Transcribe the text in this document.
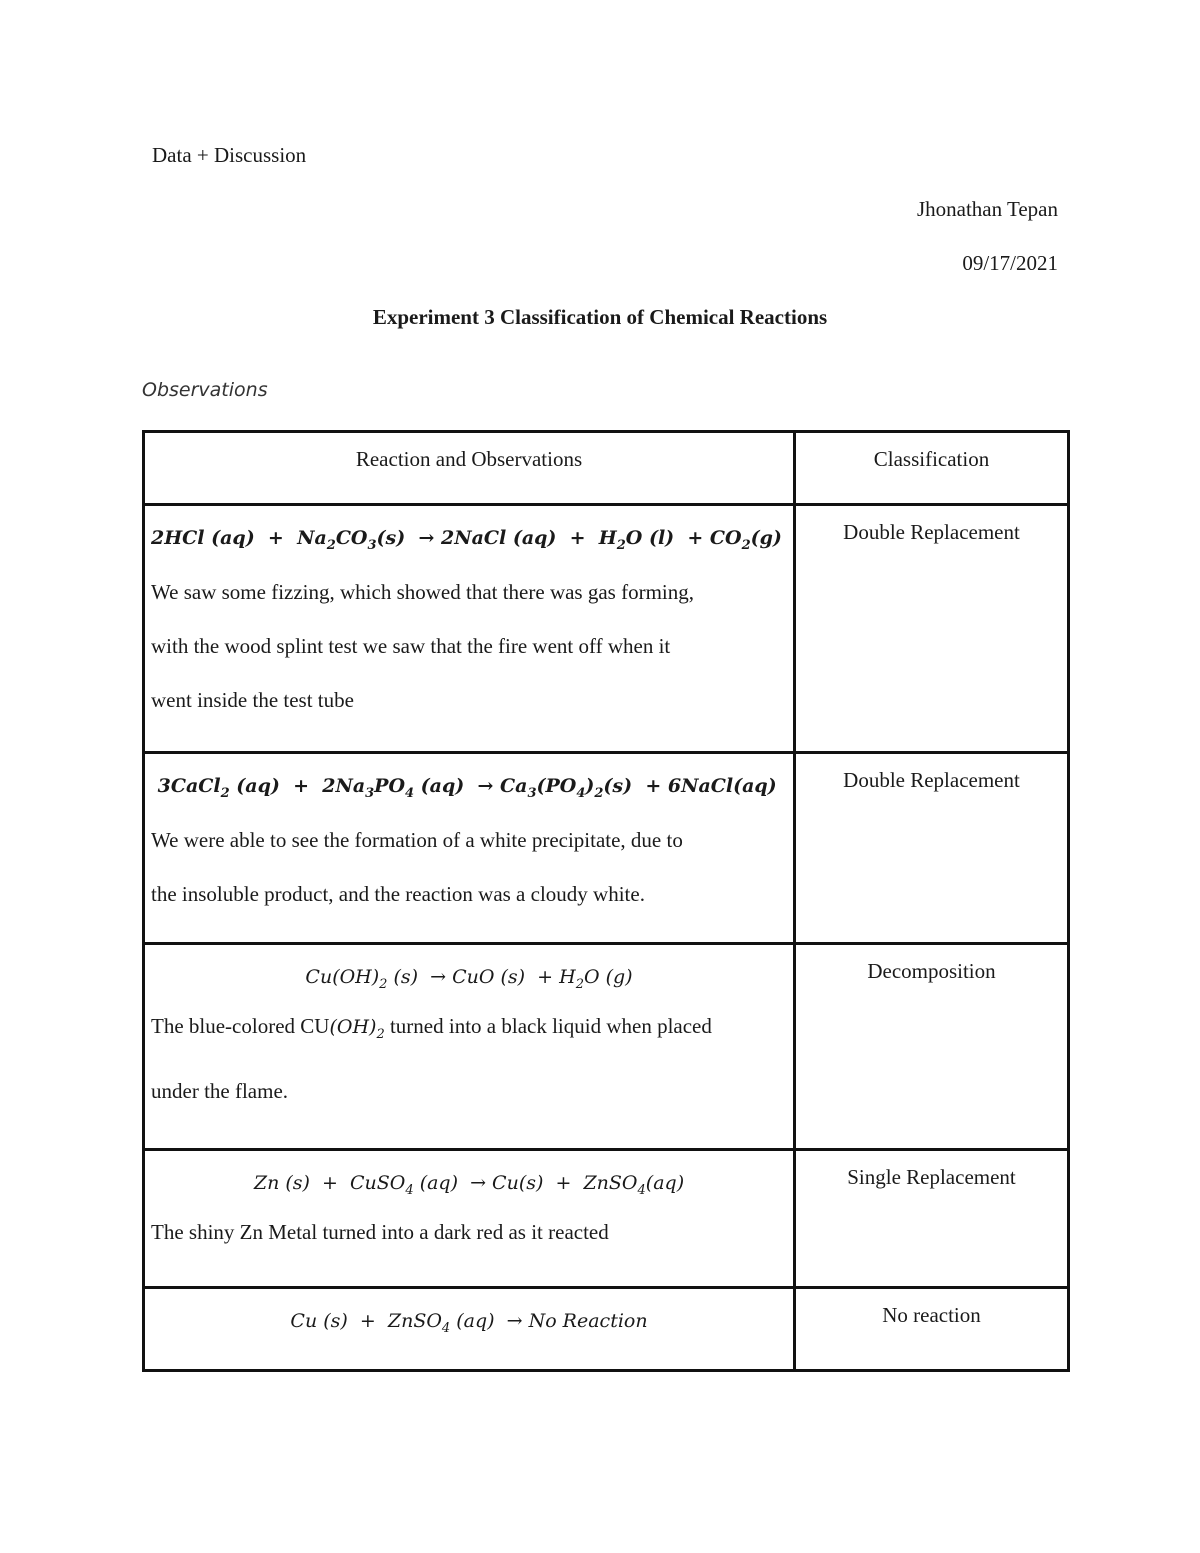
Data + Discussion
Jhonathan Tepan
09/17/2021
Experiment 3 Classification of Chemical Reactions
Observations
Reaction and Observations	Classification

2HCl $(aq) + Na_2CO_3(s)$  → 2NaCl $(aq) + H_2O$ $(l) + CO_2(g)$
We saw some fizzing, which showed that there was gas forming,
with the wood splint test we saw that the fire went off when it
went inside the test tube	Double Replacement

3CaCl$_2$ $(aq) + 2Na_3PO_4$ $(aq) \to Ca_3(PO_4)_2(s)$  + 6NaCl(aq)
We were able to see the formation of a white precipitate, due to
the insoluble product, and the reaction was a cloudy white.	Double Replacement

$Cu(OH)_2$ (s)  → CuO $(s) + H_2O$ (g)
The blue-colored $CU(OH)_2$ turned into a black liquid when placed
under the flame.	Decomposition

Zn (s)  +  CuSO$_4$ (aq)  → Cu(s)  +  ZnSO$_4$(aq)
The shiny Zn Metal turned into a dark red as it reacted	Single Replacement

Cu (s)  +  ZnSO$_4$ (aq)  → No Reaction	No reaction
